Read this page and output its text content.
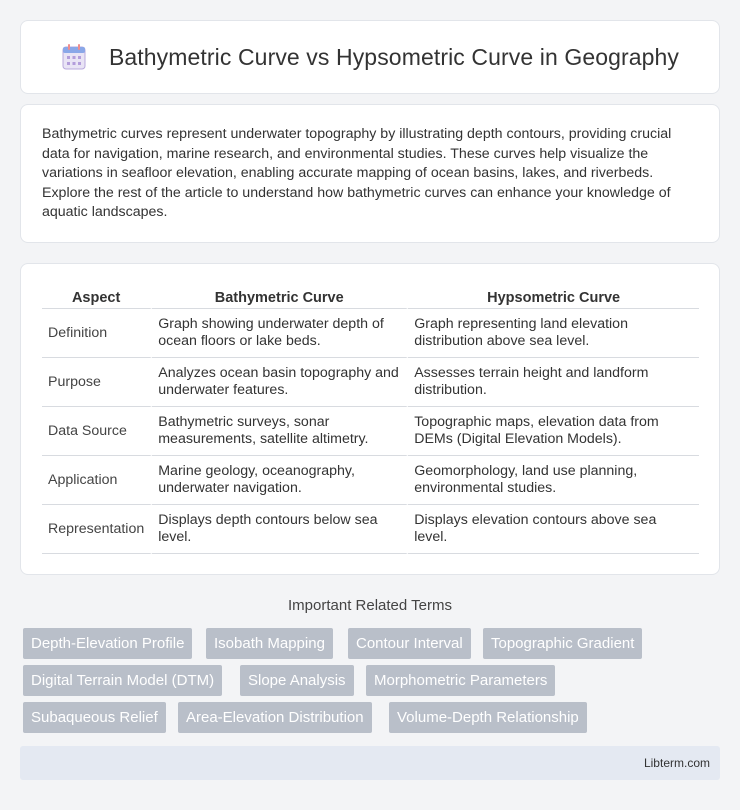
Bathymetric Curve vs Hypsometric Curve in Geography

Bathymetric curves represent underwater topography by illustrating depth contours, providing crucial data for navigation, marine research, and environmental studies. These curves help visualize the variations in seafloor elevation, enabling accurate mapping of ocean basins, lakes, and riverbeds. Explore the rest of the article to understand how bathymetric curves can enhance your knowledge of aquatic landscapes.

Aspect	Bathymetric Curve	Hypsometric Curve
Definition	Graph showing underwater depth of ocean floors or lake beds.	Graph representing land elevation distribution above sea level.
Purpose	Analyzes ocean basin topography and underwater features.	Assesses terrain height and landform distribution.
Data Source	Bathymetric surveys, sonar measurements, satellite altimetry.	Topographic maps, elevation data from DEMs (Digital Elevation Models).
Application	Marine geology, oceanography, underwater navigation.	Geomorphology, land use planning, environmental studies.
Representation	Displays depth contours below sea level.	Displays elevation contours above sea level.
Important Related Terms
Depth-Elevation Profile	Isobath Mapping	Contour Interval	Topographic Gradient
Digital Terrain Model (DTM)	Slope Analysis	Morphometric Parameters
Subaqueous Relief	Area-Elevation Distribution	Volume-Depth Relationship
Libterm.com
